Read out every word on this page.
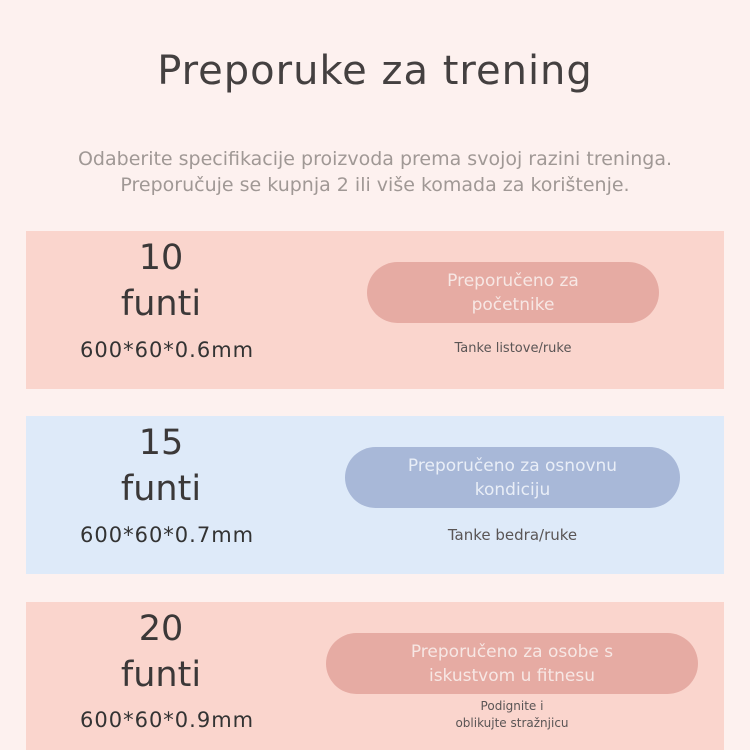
Preporuke za trening
Odaberite specifikacije proizvoda prema svojoj razini treninga.
Preporučuje se kupnja 2 ili više komada za korištenje.
10
funti
600*60*0.6mm
Preporučeno za
početnike
Tanke listove/ruke
15
funti
600*60*0.7mm
Preporučeno za osnovnu
kondiciju
Tanke bedra/ruke
20
funti
600*60*0.9mm
Preporučeno za osobe s
iskustvom u fitnesu
Podignite i
oblikujte stražnjicu
